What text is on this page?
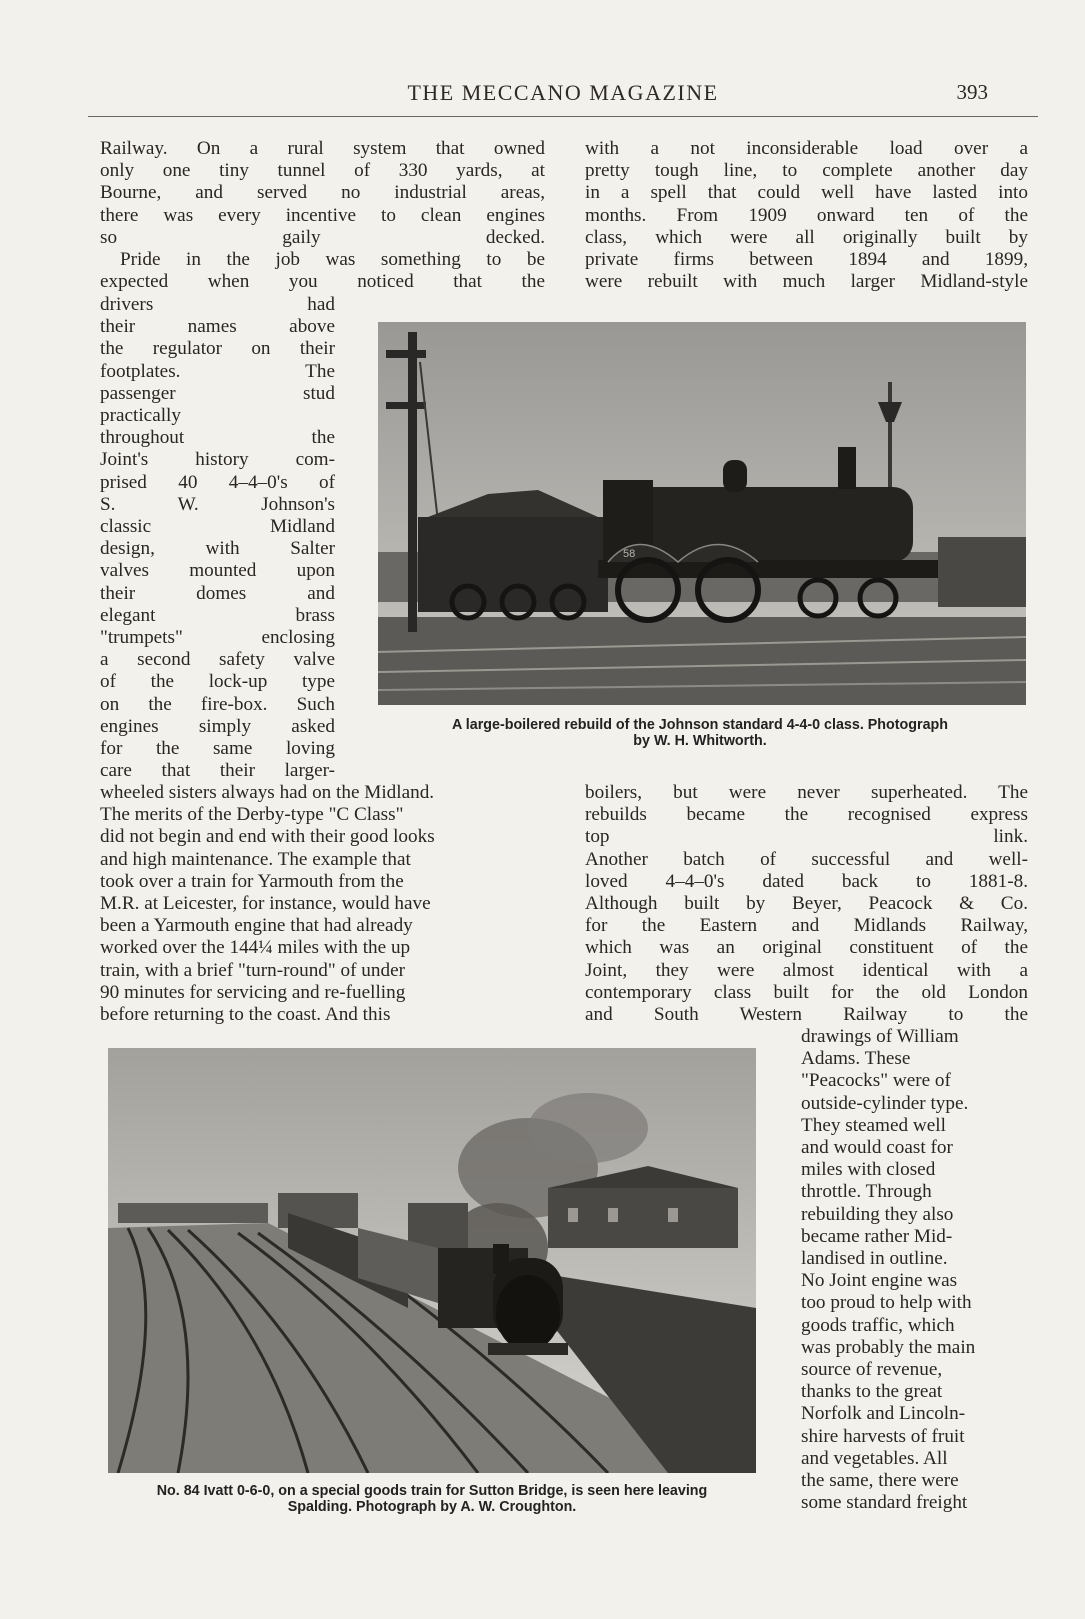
THE MECCANO MAGAZINE	393

Railway. On a rural system that owned
only one tiny tunnel of 330 yards, at
Bourne, and served no industrial areas,
there was every incentive to clean engines
so gaily decked.

Pride in the job was something to be
expected when you noticed that the

drivers had
their names above
the regulator on their
footplates. The
passenger stud
practically
throughout the
Joint's history com-
prised 40 4–4–0's of
S. W. Johnson's
classic Midland
design, with Salter
valves mounted upon
their domes and
elegant brass
"trumpets" enclosing
a second safety valve
of the lock-up type
on the fire-box. Such
engines simply asked
for the same loving
care that their larger-

wheeled sisters always had on the Midland.
The merits of the Derby-type "C Class"
did not begin and end with their good looks
and high maintenance. The example that
took over a train for Yarmouth from the
M.R. at Leicester, for instance, would have
been a Yarmouth engine that had already
worked over the 144¼ miles with the up
train, with a brief "turn-round" of under
90 minutes for servicing and re-fuelling
before returning to the coast. And this

with a not inconsiderable load over a
pretty tough line, to complete another day
in a spell that could well have lasted into
months. From 1909 onward ten of the
class, which were all originally built by
private firms between 1894 and 1899,
were rebuilt with much larger Midland-style

boilers, but were never superheated. The
rebuilds became the recognised express
top link.
Another batch of successful and well-
loved 4–4–0's dated back to 1881-8.
Although built by Beyer, Peacock & Co.
for the Eastern and Midlands Railway,
which was an original constituent of the
Joint, they were almost identical with a
contemporary class built for the old London
and South Western Railway to the

drawings of William
Adams. These
"Peacocks" were of
outside-cylinder type.
They steamed well
and would coast for
miles with closed
throttle. Through
rebuilding they also
became rather Mid-
landised in outline.
No Joint engine was
too proud to help with
goods traffic, which
was probably the main
source of revenue,
thanks to the great
Norfolk and Lincoln-
shire harvests of fruit
and vegetables. All
the same, there were
some standard freight

58

A large-boilered rebuild of the Johnson standard 4-4-0 class. Photograph
by W. H. Whitworth.

No. 84 Ivatt 0-6-0, on a special goods train for Sutton Bridge, is seen here leaving
Spalding. Photograph by A. W. Croughton.
